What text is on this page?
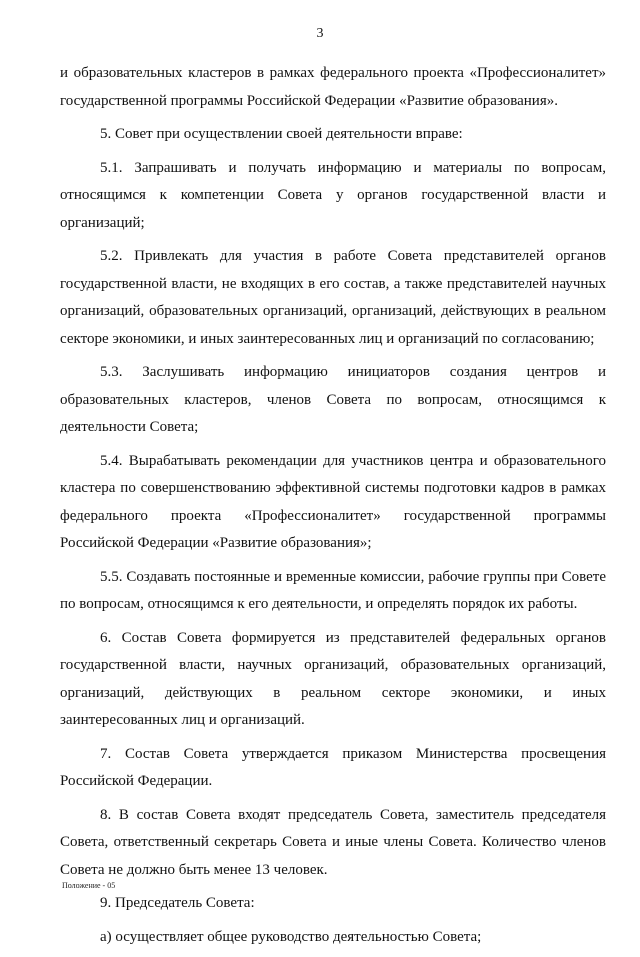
3

и образовательных кластеров в рамках федерального проекта «Профессионалитет» государственной программы Российской Федерации «Развитие образования».

5. Совет при осуществлении своей деятельности вправе:

5.1. Запрашивать и получать информацию и материалы по вопросам, относящимся к компетенции Совета у органов государственной власти и организаций;

5.2. Привлекать для участия в работе Совета представителей органов государственной власти, не входящих в его состав, а также представителей научных организаций, образовательных организаций, организаций, действующих в реальном секторе экономики, и иных заинтересованных лиц и организаций по согласованию;

5.3. Заслушивать информацию инициаторов создания центров и образовательных кластеров, членов Совета по вопросам, относящимся к деятельности Совета;

5.4. Вырабатывать рекомендации для участников центра и образовательного кластера по совершенствованию эффективной системы подготовки кадров в рамках федерального проекта «Профессионалитет» государственной программы Российской Федерации «Развитие образования»;

5.5. Создавать постоянные и временные комиссии, рабочие группы при Совете по вопросам, относящимся к его деятельности, и определять порядок их работы.

6. Состав Совета формируется из представителей федеральных органов государственной власти, научных организаций, образовательных организаций, организаций, действующих в реальном секторе экономики, и иных заинтересованных лиц и организаций.

7. Состав Совета утверждается приказом Министерства просвещения Российской Федерации.

8. В состав Совета входят председатель Совета, заместитель председателя Совета, ответственный секретарь Совета и иные члены Совета. Количество членов Совета не должно быть менее 13 человек.

9. Председатель Совета:

а) осуществляет общее руководство деятельностью Совета;

Положение - 05
